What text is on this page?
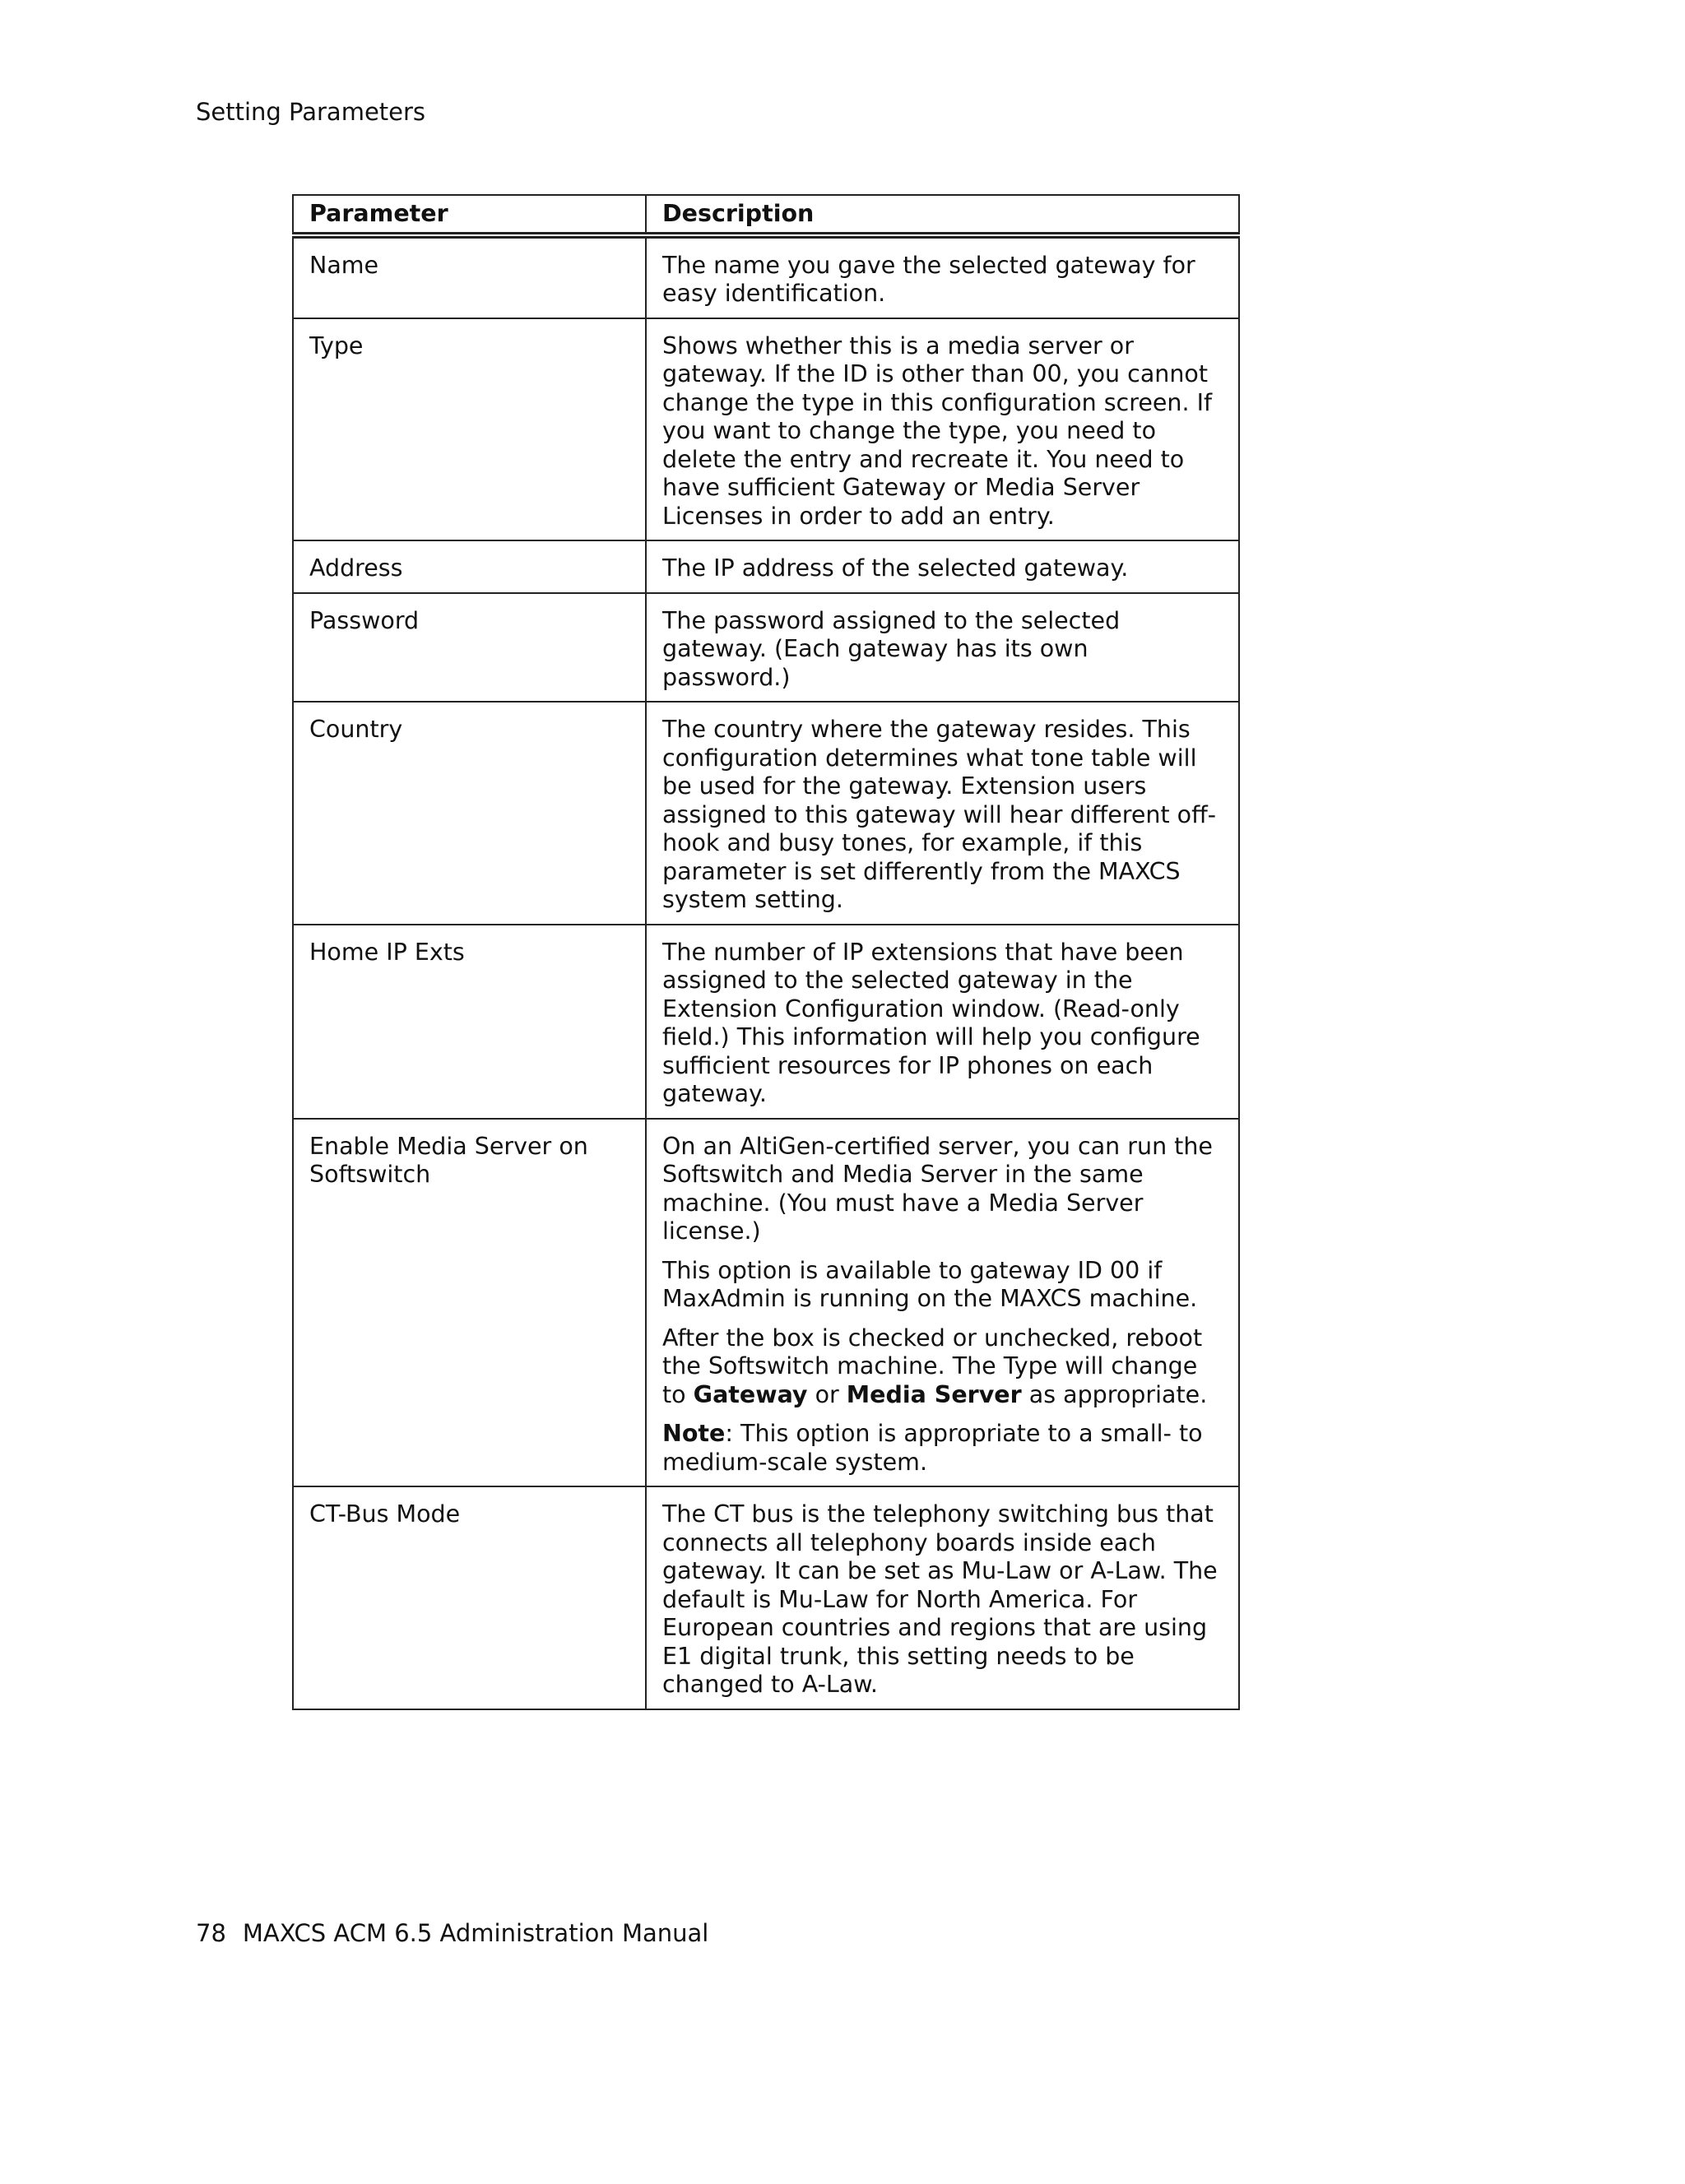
Setting Parameters
Parameter	Description
Name	The name you gave the selected gateway for easy identification.

Type	Shows whether this is a media server or gateway. If the ID is other than 00, you cannot change the type in this configuration screen. If you want to change the type, you need to delete the entry and recreate it. You need to have sufficient Gateway or Media Server Licenses in order to add an entry.

Address	The IP address of the selected gateway.

Password	The password assigned to the selected gateway. (Each gateway has its own password.)

Country	The country where the gateway resides. This configuration determines what tone table will be used for the gateway. Extension users assigned to this gateway will hear different off-hook and busy tones, for example, if this parameter is set differently from the MAXCS system setting.

Home IP Exts	The number of IP extensions that have been assigned to the selected gateway in the Extension Configuration window. (Read-only field.) This information will help you configure sufficient resources for IP phones on each gateway.

Enable Media Server on Softswitch	On an AltiGen-certified server, you can run the Softswitch and Media Server in the same machine. (You must have a Media Server license.)

This option is available to gateway ID 00 if MaxAdmin is running on the MAXCS machine.

After the box is checked or unchecked, reboot the Softswitch machine. The Type will change to Gateway or Media Server as appropriate.

Note: This option is appropriate to a small- to medium-scale system.

CT-Bus Mode	The CT bus is the telephony switching bus that connects all telephony boards inside each gateway. It can be set as Mu-Law or A-Law. The default is Mu-Law for North America. For European countries and regions that are using E1 digital trunk, this setting needs to be changed to A-Law.

78 MAXCS ACM 6.5 Administration Manual
